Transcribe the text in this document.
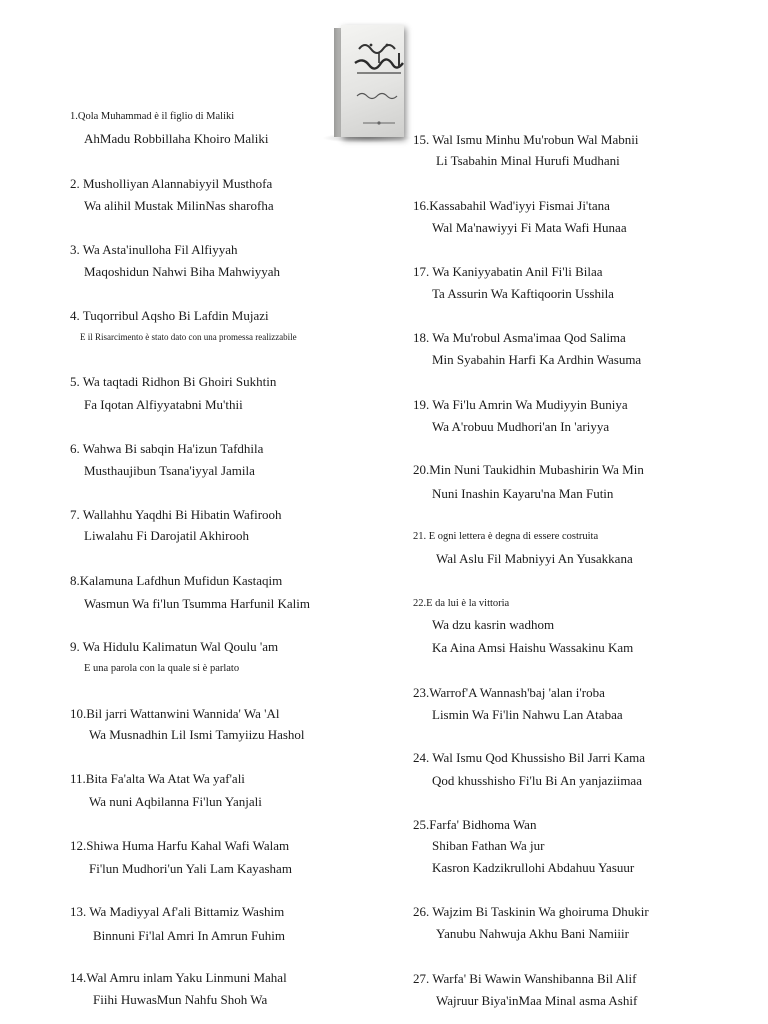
1.Qola Muhammad è il figlio di Maliki
AhMadu Robbillaha Khoiro Maliki
2. Musholliyan Alannabiyyil Musthofa
Wa alihil Mustak MilinNas sharofha
3. Wa Asta'inulloha Fil Alfiyyah
Maqoshidun Nahwi Biha Mahwiyyah
4. Tuqorribul Aqsho Bi Lafdin Mujazi
E il Risarcimento è stato dato con una promessa realizzabile
5. Wa taqtadi Ridhon Bi Ghoiri Sukhtin
Fa Iqotan Alfiyyatabni Mu'thii
6. Wahwa Bi sabqin Ha'izun Tafdhila
Musthaujibun Tsana'iyyal Jamila
7. Wallahhu Yaqdhi Bi Hibatin Wafirooh
Liwalahu Fi Darojatil Akhirooh
8.Kalamuna Lafdhun Mufidun Kastaqim
Wasmun Wa fi'lun Tsumma Harfunil Kalim
9. Wa Hidulu Kalimatun Wal Qoulu 'am
E una parola con la quale si è parlato
10.Bil jarri Wattanwini Wannida' Wa 'Al
Wa Musnadhin Lil Ismi Tamyiizu Hashol
11.Bita Fa'alta Wa Atat Wa yaf'ali
Wa nuni Aqbilanna Fi'lun Yanjali
12.Shiwa Huma Harfu Kahal Wafi Walam
Fi'lun Mudhori'un Yali Lam Kayasham
13. Wa Madiyyal Af'ali Bittamiz Washim
Binnuni Fi'lal Amri In Amrun Fuhim
14.Wal Amru inlam Yaku Linmuni Mahal
Fiihi HuwasMun Nahfu Shoh Wa
15. Wal Ismu Minhu Mu'robun Wal Mabnii
Li Tsabahin Minal Hurufi Mudhani
16.Kassabahil Wad'iyyi Fismai Ji'tana
Wal Ma'nawiyyi Fi Mata Wafi Hunaa
17. Wa Kaniyyabatin Anil Fi'li Bilaa
Ta Assurin Wa Kaftiqoorin Usshila
18. Wa Mu'robul Asma'imaa Qod Salima
Min Syabahin Harfi Ka Ardhin Wasuma
19. Wa Fi'lu Amrin Wa Mudiyyin Buniya
Wa A'robuu Mudhori'an In 'ariyya
20.Min Nuni Taukidhin Mubashirin Wa Min
Nuni Inashin Kayaru'na Man Futin
21. E ogni lettera è degna di essere costruita
Wal Aslu Fil Mabniyyi An Yusakkana
22.E da lui è la vittoria
Wa dzu kasrin wadhom
Ka Aina Amsi Haishu Wassakinu Kam
23.Warrof'A Wannash'baj 'alan i'roba
Lismin Wa Fi'lin Nahwu Lan Atabaa
24. Wal Ismu Qod Khussisho Bil Jarri Kama
Qod khusshisho Fi'lu Bi An yanjaziimaa
25.Farfa' Bidhoma Wan
Shiban Fathan Wa jur
Kasron Kadzikrullohi Abdahuu Yasuur
26. Wajzim Bi Taskinin Wa ghoiruma Dhukir
Yanubu Nahwuja Akhu Bani Namiiir
27. Warfa' Bi Wawin Wanshibanna Bil Alif
Wajruur Biya'inMaa Minal asma Ashif
